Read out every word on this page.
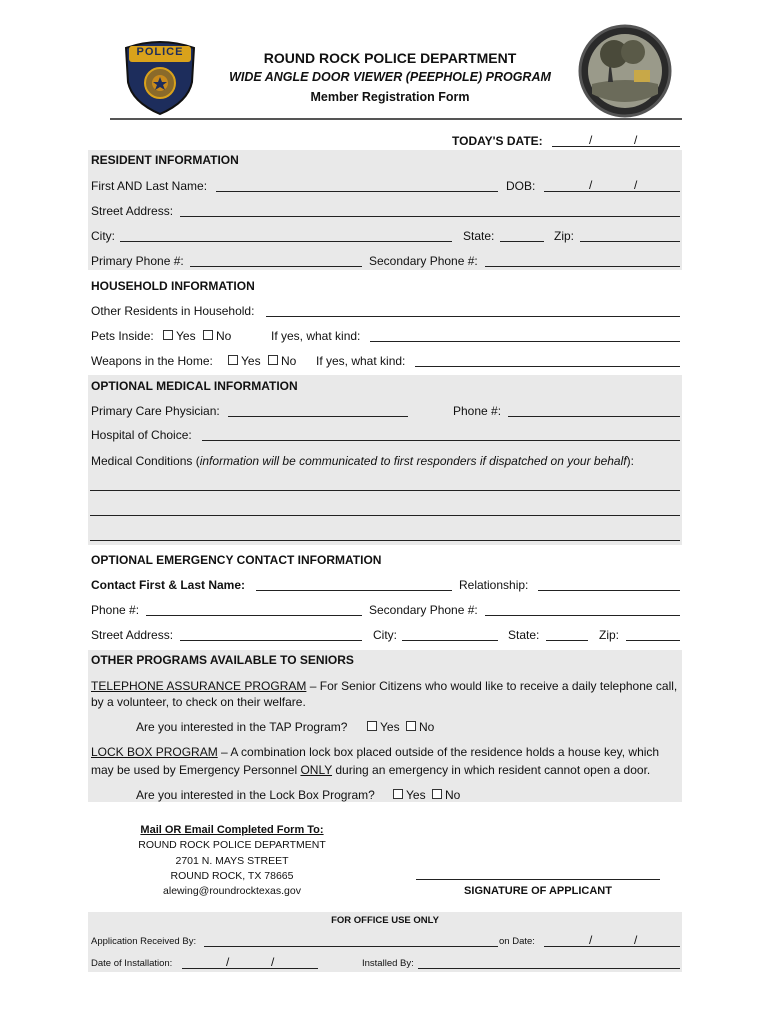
POLICE	ROUND ROCK POLICE DEPARTMENT
WIDE ANGLE DOOR VIEWER (PEEPHOLE) PROGRAM
Member Registration Form
TODAY'S DATE:	/	/
RESIDENT INFORMATION
First AND Last Name:	DOB:	/	/
Street Address:
City:	State:	Zip:
Primary Phone #:	Secondary Phone #:
HOUSEHOLD INFORMATION
Other Residents in Household:
Pets Inside:	Yes	No	If yes, what kind:
Weapons in the Home:	Yes	No If yes, what kind:
OPTIONAL MEDICAL INFORMATION
Primary Care Physician:	Phone #:
Hospital of Choice:
Medical Conditions (information will be communicated to first responders if dispatched on your behalf):
OPTIONAL EMERGENCY CONTACT INFORMATION
Contact First & Last Name:	Relationship:
Phone #:	Secondary Phone #:
Street Address:	City:	State:	Zip:
OTHER PROGRAMS AVAILABLE TO SENIORS
TELEPHONE ASSURANCE PROGRAM – For Senior Citizens who would like to receive a daily telephone call,
by a volunteer, to check on their welfare.
Are you interested in the TAP Program?	Yes	No
LOCK BOX PROGRAM – A combination lock box placed outside of the residence holds a house key, which
may be used by Emergency Personnel ONLY during an emergency in which resident cannot open a door.
Are you interested in the Lock Box Program?	Yes	No
Mail OR Email Completed Form To:
ROUND ROCK POLICE DEPARTMENT
2701 N. MAYS STREET
ROUND ROCK, TX 78665
alewing@roundrocktexas.gov	SIGNATURE OF APPLICANT
FOR OFFICE USE ONLY
Application Received By:	on Date:	/	/
Date of Installation:	/	/	Installed By:
